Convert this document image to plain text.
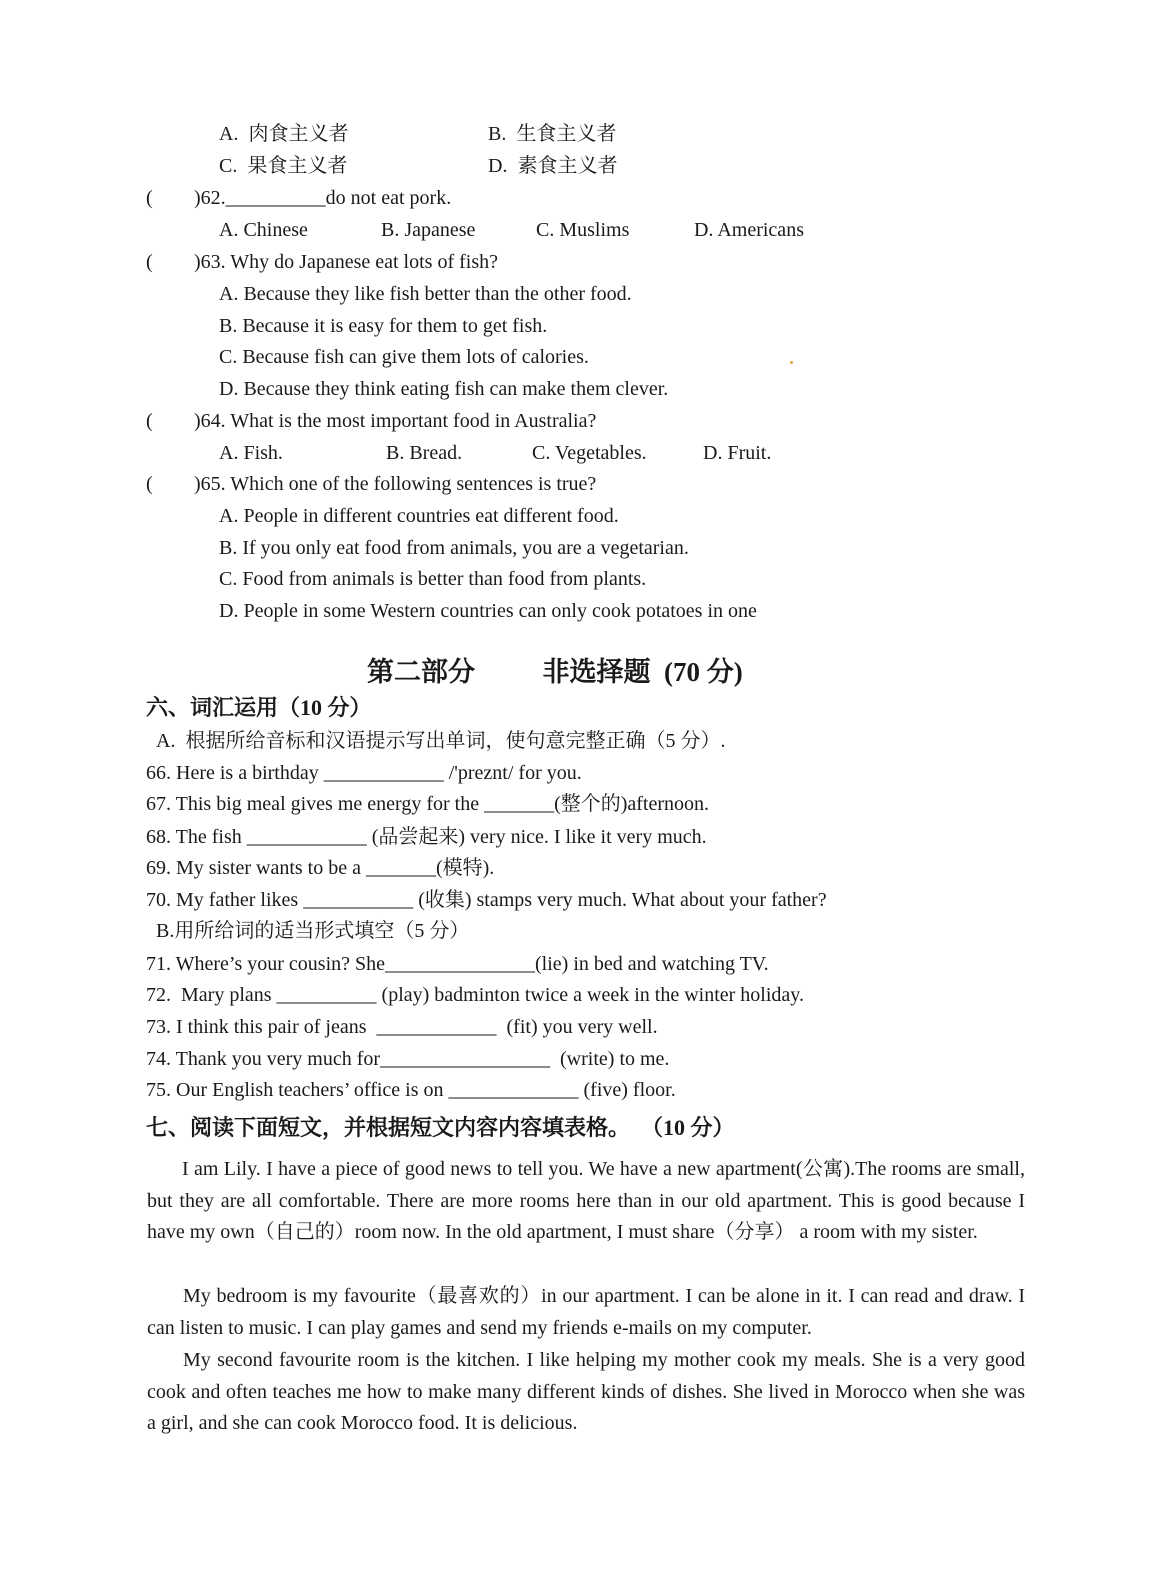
A.  肉食主义者	B.  生食主义者
C.  果食主义者	D.  素食主义者
( )62.__________do not eat pork.
A. Chinese	B. Japanese	C. Muslims	D. Americans
( )63. Why do Japanese eat lots of fish?
A. Because they like fish better than the other food.
B. Because it is easy for them to get fish.
C. Because fish can give them lots of calories.
D. Because they think eating fish can make them clever.
( )64. What is the most important food in Australia?
A. Fish.	B. Bread.	C. Vegetables.	D. Fruit.
( )65. Which one of the following sentences is true?
A. People in different countries eat different food.
B. If you only eat food from animals, you are a vegetarian.
C. Food from animals is better than food from plants.
D. People in some Western countries can only cook potatoes in one
第二部分          非选择题  (70 分)
六、词汇运用（10 分）
A.  根据所给音标和汉语提示写出单词，使句意完整正确（5 分）.
66. Here is a birthday ____________ /'preznt/ for you.
67. This big meal gives me energy for the _______(整个的)afternoon.
68. The fish ____________ (品尝起来) very nice. I like it very much.
69. My sister wants to be a _______(模特).
70. My father likes ___________ (收集) stamps very much. What about your father?
B.用所给词的适当形式填空（5 分）
71. Where’s your cousin? She_______________(lie) in bed and watching TV.
72.  Mary plans __________ (play) badminton twice a week in the winter holiday.
73. I think this pair of jeans  ____________  (fit) you very well.
74. Thank you very much for_________________  (write) to me.
75. Our English teachers’ office is on _____________ (five) floor.
七、阅读下面短文，并根据短文内容内容填表格。  （10 分）
I am Lily. I have a piece of good news to tell you. We have a new apartment(公寓).The rooms are small, but they are all comfortable. There are more rooms here than in our old apartment. This is good because I have my own（自己的）room now. In the old apartment, I must share（分享） a room with my sister.
My bedroom is my favourite（最喜欢的）in our apartment. I can be alone in it. I can read and draw. I can listen to music. I can play games and send my friends e-mails on my computer.
My second favourite room is the kitchen. I like helping my mother cook my meals. She is a very good cook and often teaches me how to make many different kinds of dishes. She lived in Morocco when she was a girl, and she can cook Morocco food. It is delicious.
